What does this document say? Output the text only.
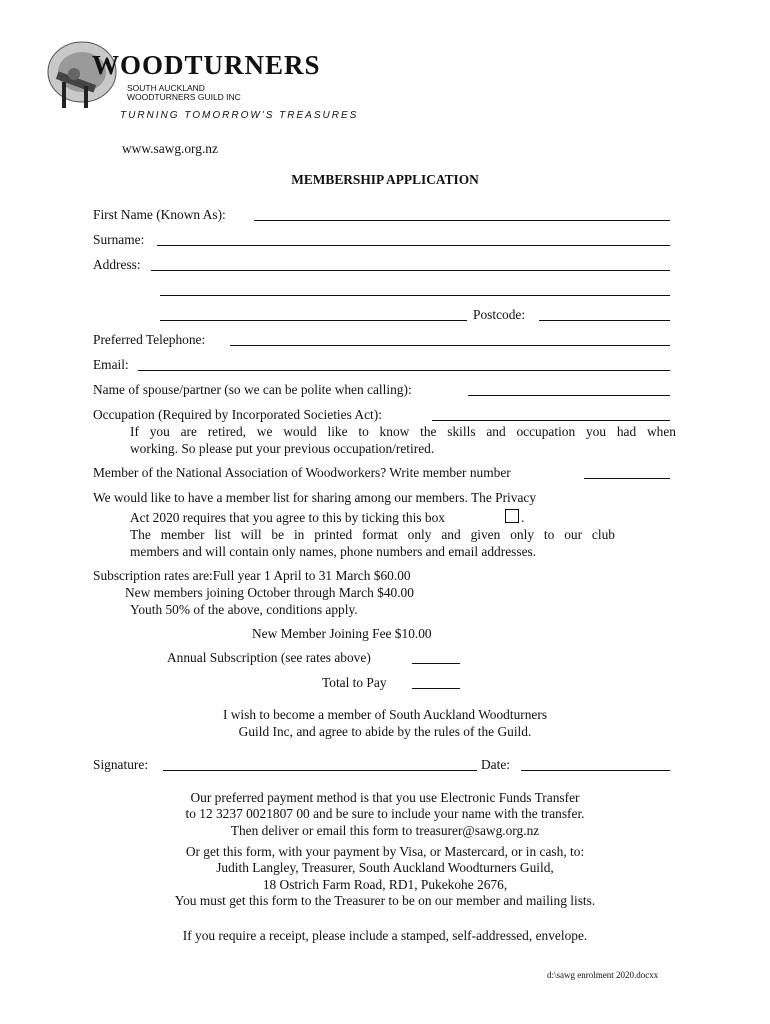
WOODTURNERS
SOUTH AUCKLAND
WOODTURNERS GUILD INC
TURNING TOMORROW'S TREASURES
www.sawg.org.nz
MEMBERSHIP APPLICATION
First Name (Known As):
Surname:
Address:
Postcode:
Preferred Telephone:
Email:
Name of spouse/partner (so we can be polite when calling):
Occupation (Required by Incorporated Societies Act):
If you are retired, we would like to know the skills and occupation you had when
working. So please put your previous occupation/retired.
Member of the National Association of Woodworkers? Write member number
We would like to have a member list for sharing among our members. The Privacy
Act 2020 requires that you agree to this by ticking this box	.
The member list will be in printed format only and given only to our club
members and will contain only names, phone numbers and email addresses.
Subscription rates are:Full year 1 April to 31 March $60.00
New members joining October through March $40.00
Youth 50% of the above, conditions apply.
New Member Joining Fee $10.00
Annual Subscription (see rates above)
Total to Pay
I wish to become a member of South Auckland Woodturners
Guild Inc, and agree to abide by the rules of the Guild.
Signature:	Date:
Our preferred payment method is that you use Electronic Funds Transfer
to 12 3237 0021807 00 and be sure to include your name with the transfer.
Then deliver or email this form to treasurer@sawg.org.nz
Or get this form, with your payment by Visa, or Mastercard, or in cash, to:
Judith Langley, Treasurer, South Auckland Woodturners Guild,
18 Ostrich Farm Road, RD1, Pukekohe 2676,
You must get this form to the Treasurer to be on our member and mailing lists.
If you require a receipt, please include a stamped, self-addressed, envelope.
d:\sawg enrolment 2020.docxx
